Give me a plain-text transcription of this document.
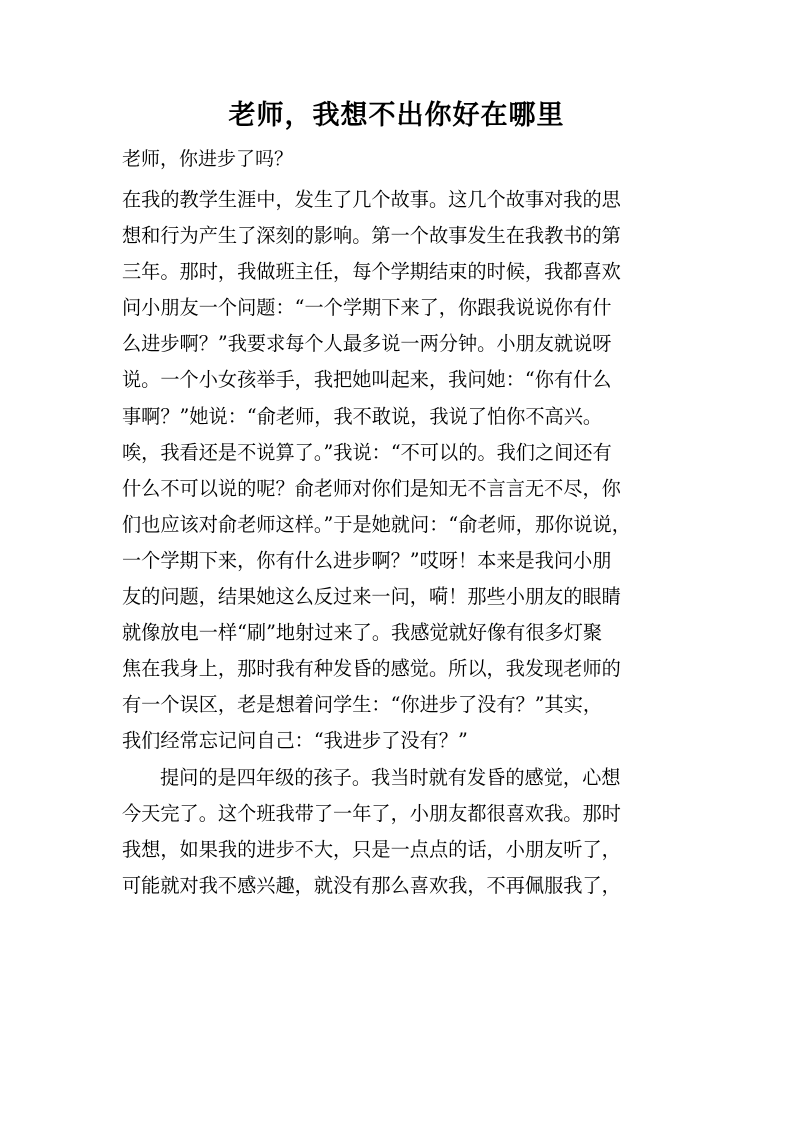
老师，我想不出你好在哪里
老师，你进步了吗？
在我的教学生涯中，发生了几个故事。这几个故事对我的思
想和行为产生了深刻的影响。第一个故事发生在我教书的第
三年。那时，我做班主任，每个学期结束的时候，我都喜欢
问小朋友一个问题：“一个学期下来了，你跟我说说你有什
么进步啊？”我要求每个人最多说一两分钟。小朋友就说呀
说。一个小女孩举手，我把她叫起来，我问她：“你有什么
事啊？”她说：“俞老师，我不敢说，我说了怕你不高兴。
唉，我看还是不说算了。”我说：“不可以的。我们之间还有
什么不可以说的呢？俞老师对你们是知无不言言无不尽，你
们也应该对俞老师这样。”于是她就问：“俞老师，那你说说，
一个学期下来，你有什么进步啊？”哎呀！本来是我问小朋
友的问题，结果她这么反过来一问，嗬！那些小朋友的眼睛
就像放电一样“刷”地射过来了。我感觉就好像有很多灯聚
焦在我身上，那时我有种发昏的感觉。所以，我发现老师的
有一个误区，老是想着问学生：“你进步了没有？”其实，
我们经常忘记问自己：“我进步了没有？”
提问的是四年级的孩子。我当时就有发昏的感觉，心想
今天完了。这个班我带了一年了，小朋友都很喜欢我。那时
我想，如果我的进步不大，只是一点点的话，小朋友听了，
可能就对我不感兴趣，就没有那么喜欢我，不再佩服我了，
